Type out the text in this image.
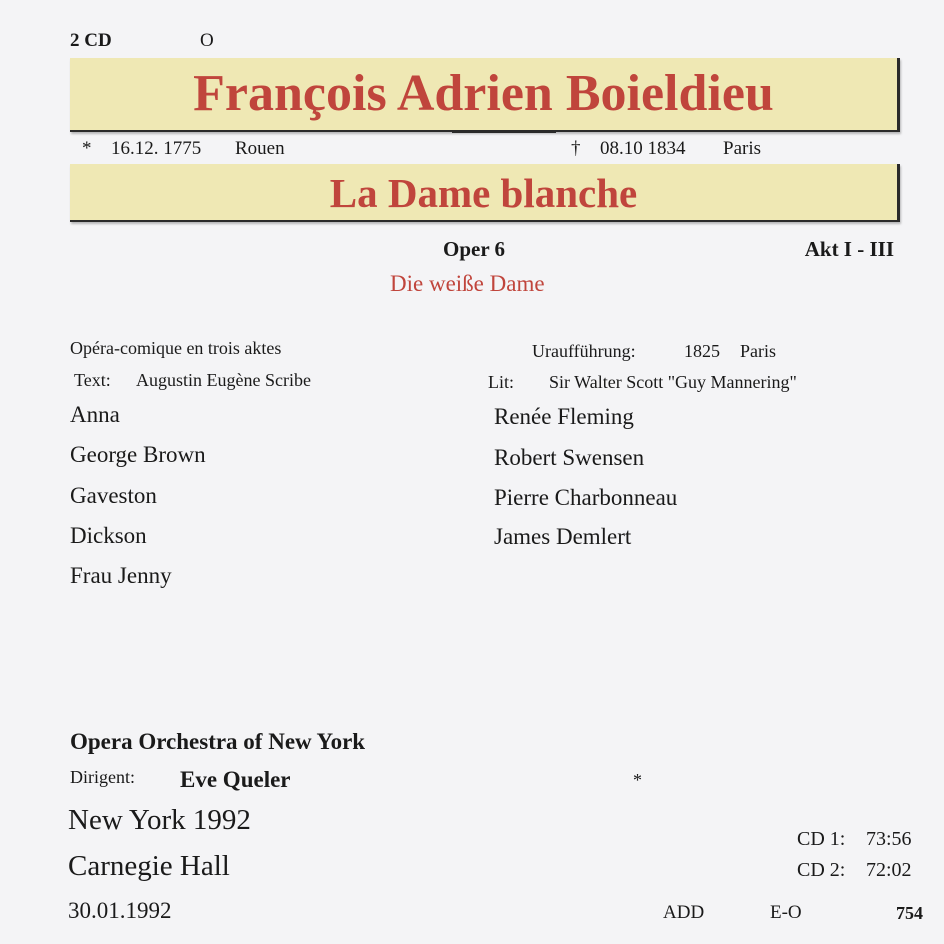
2 CD	O
François Adrien Boieldieu
* 16.12. 1775 Rouen	† 08.10 1834 Paris
La Dame blanche
Oper 6	Akt I - III
Die weiße Dame
Opéra-comique en trois aktes	Uraufführung:	1825 Paris
Text: Augustin Eugène Scribe	Lit: Sir Walter Scott "Guy Mannering"
Anna	Renée Fleming
George Brown	Robert Swensen
Gaveston	Pierre Charbonneau
Dickson	James Demlert
Frau Jenny
Opera Orchestra of New York
Dirigent: Eve Queler	*
New York 1992
Carnegie Hall
30.01.1992
CD 1: 73:56
CD 2: 72:02
ADD	E-O	754
